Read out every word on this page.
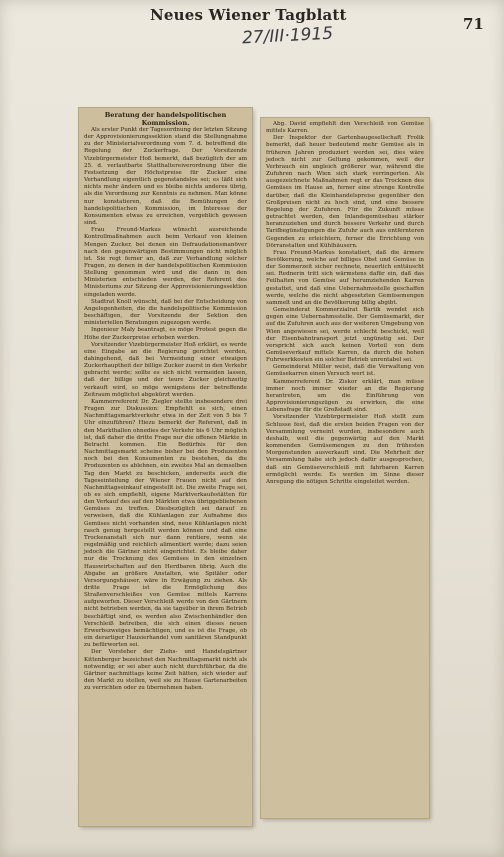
Neues Wiener Tagblatt	71
27/III·1915

Beratung der handelspolitischen Kommission.

Als erster Punkt der Tagesordnung der letzten Sitzung der Approvisionierungssektion stand die Stellungnahme zu der Ministerialverordnung vom 7. d. betreffend die Regelung der Zuckerfrage. Der Vorsitzende Vizebürgermeister Hoß bemerkt, daß bezüglich der am 25. d. verlautbarte Statthaltereiverordnung über die Festsetzung der Höchstpreise für Zucker eine Verhandlung eigentlich gegenstandslos sei; es läßt sich nichts mehr ändern und es bleibe nichts anderes übrig, als die Verordnung zur Kenntnis zu nehmen. Man könne nur konstatieren, daß die Bemühungen der handelspolitischen Kommission, im Interesse der Konsumenten etwas zu erreichen, vergeblich gewesen sind.

Frau Freund-Markus wünscht ausreichende Kontrollmaßnahmen auch beim Verkauf von kleinen Mengen Zucker, bei denen ein Defraudationsmanöver nach den gegenwärtigen Bestimmungen nicht möglich ist. Sie regt ferner an, daß zur Verhandlung solcher Fragen, zu denen in der handelspolitischen Kommission Stellung genommen wird und die dann in den Ministerien entschieden werden, der Referent des Ministeriums zur Sitzung der Approvisionierungssektion eingeladen werde.

Stadtrat Knoll wünscht, daß bei der Entscheidung von Angelegenheiten, die die handelspolitische Kommission beschäftigen, der Vorsitzende der Sektion den ministeriellen Beratungen zugezogen werde.

Ingenieur Maly beantragt, es möge Protest gegen die Höhe der Zuckerpreise erhoben werden.

Vorsitzender Vizebürgermeister Hoß erklärt, es werde eine Eingabe an die Regierung gerichtet werden, dahingehend, daß bei Vermeidung einer etwaigen Zuckerhauptheit der billige Zucker zuerst in den Verkehr gebracht werde; sollte es sich nicht vermeiden lassen, daß der billige und der teure Zucker gleichzeitig verkauft wird, so möge wenigstens der betreffende Zeitraum möglichst abgekürzt werden.

Kammerreferent Dr. Ziegler stellte insbesondere drei Fragen zur Diskussion: Empfiehlt es sich, einen Nachmittagsmarktverkehr etwa in der Zeit von 5 bis 7 Uhr einzuführen? Hiezu bemerkt der Referent, daß in den Markthallen ohnedies der Verkehr bis 6 Uhr möglich ist, daß daher die dritte Frage nur die offenen Märkte in Betracht kommen. Ein Bedürfnis für den Nachmittagsmarkt scheine bisher bei den Produzenten noch bei den Konsumenten zu bestehen, da die Produzenten es ablehnen, ein zweites Mal an demselben Tag den Markt zu beschicken, anderseits auch die Tageseinteilung der Wiener Frauen nicht auf den Nachmittagseinkauf eingestellt ist. Die zweite Frage sei, ob es sich empfiehlt, eigene Marktverkaufsstätten für den Verkauf des auf den Märkten etwa übriggebliebenen Gemüses zu treffen. Diesbezüglich sei darauf zu verweisen, daß die Kühlanlagen zur Aufnahme des Gemüses nicht vorhanden sind, neue Kühlanlagen nicht rasch genug hergestellt werden können und daß eine Trockenanstalt sich nur dann rentiere, wenn sie regelmäßig und reichlich alimentiert werde; dazu seien jedoch die Gärtner nicht eingerichtet. Es bleibe daher nur die Trocknung des Gemüses in den einzelnen Hauswirtschaften auf den Herdbaren übrig. Auch die Abgabe an größere Anstalten, wie Spitäler oder Versorgungshäuser, wäre in Erwägung zu ziehen. Als dritte Frage ist die Ermöglichung des Straßenverschleißes von Gemüse mittels Karrens aufgeworfen. Dieser Verschleiß werde von den Gärtnern nicht betrieben werden, da sie tagsüber in ihrem Betrieb beschäftigt sind, es werden also Zwischenhändler den Verschleiß betreiben, die sich einen dieses neuen Erwerbszweiges bemächtigen, und es ist die Frage, ob ein derartiger Hausierhandel vom sanitären Standpunkt zu befürworten sei.

Der Vorsteher der Ziehs- und Handelsgärtner Kittenberger bezeichnet den Nachmittagsmarkt nicht als notwendig; er sei aber auch nicht durchführbar, da die Gärtner nachmittags keine Zeit hätten, sich wieder auf den Markt zu stellen, weil sie zu Hause Gartenarbeiten zu verrichten oder zu übernehmen haben.

Abg. David empfiehlt den Verschleiß von Gemüse mittels Karren.

Der Inspektor der Gartenbaugesellschaft Frolik bemerkt, daß heuer bedeutend mehr Gemüse als in früheren Jahren produziert werden sei, dies wäre jedoch nicht zur Geltung gekommen, weil der Verbrauch ein ungleich größerer war, während die Zufuhren nach Wien sich stark verringerten. Als ausgezeichnete Maßnahmen regt er das Trocknen des Gemüses im Hause an, ferner eine strenge Kontrolle darüber, daß die Kleinhandelspreise gegenüber den Großpreisen nicht zu hoch sind, und eine bessere Regelung der Zufuhren. Für die Zukunft müsse getrachtet werden, den Inlandsgemüsebau stärker heranzuziehen und durch bessere Verkehr und durch Tarifbegünstigungen die Zufuhr auch aus entfernteren Gegenden zu erleichtern, ferner die Errichtung von Dörranstalten und Kühlhäusern.

Frau Freund-Markus konstatiert, daß die ärmere Bevölkerung, welche auf billiges Obst und Gemüse in der Sommerzeit sicher rechnete, neuerlich enttäuscht sei. Rednerin tritt sich wärmstens dafür ein, daß das Feilhalten von Gemüse auf herumziehenden Karren gestattet, und daß eine Uebernahmsstelle geschaffen werde, welche die nicht abgesetzten Gemüsemengen sammelt und an die Bevölkerung billig abgibt.

Gemeinderat Kommerzialrat Bartik wendet sich gegen eine Uebernahmsstelle. Der Gemüsemarkt, der auf die Zufuhren auch aus der weiteren Umgebung von Wien angewiesen sei, werde schlecht beschickt, weil der Eisenbahntransport jetzt ungünstig sei. Der verspricht sich auch keinen Vorteil von dem Gemüseverkauf mittels Karren, da durch die hohen Fuhrwerkkosten ein solcher Betrieb unrentabel sei.

Gemeinderat Müller weist, daß die Verwaltung von Gemüsekarren einen Versuch wert ist.

Kammerreferent Dr. Ziskor erklärt, man müsse immer noch immer wieder an die Regierung herantreten, um die Einführung von Approvisionierungszügen zu erwirken, die eine Lebensfrage für die Großstadt sind.

Vorsitzender Vizebürgermeister Hoß stellt zum Schlusse fest, daß die ersten beiden Fragen von der Versammlung verneint wurden, insbesondere auch deshalb, weil die gegenwärtig auf den Markt kommenden Gemüsemengen zu den frühesten Morgenstunden ausverkauft sind. Die Mehrheit der Versammlung habe sich jedoch dafür ausgesprochen, daß ein Gemüseverschleiß mit fahrbaren Karren ermöglicht werde. Es werden im Sinne dieser Anregung die nötigen Schritte eingeleitet werden.
